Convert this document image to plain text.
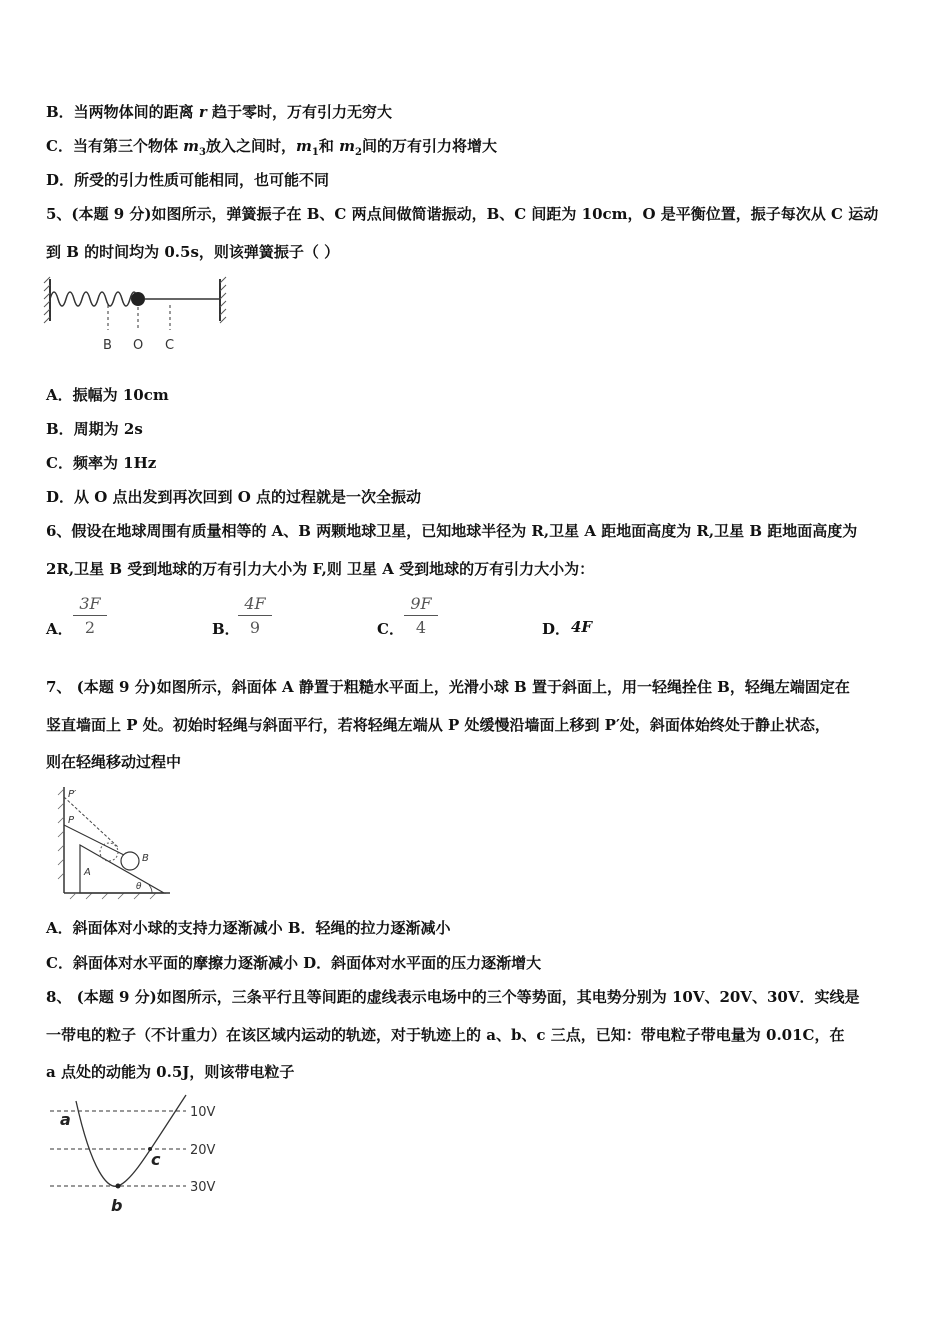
B．当两物体间的距离 r 趋于零时，万有引力无穷大
C．当有第三个物体 $m_3$放入之间时，$m_1$和 $m_2$间的万有引力将增大
D．所受的引力性质可能相同，也可能不同
5、(本题 9 分)如图所示，弹簧振子在 B、C 两点间做简谐振动，B、C 间距为 10cm，O 是平衡位置，振子每次从 C 运动
到 B 的时间均为 0.5s，则该弹簧振子（ ）
B O C
A．振幅为 10cm
B．周期为 2s
C．频率为 1Hz
D．从 O 点出发到再次回到 O 点的过程就是一次全振动
6、假设在地球周围有质量相等的 A、B 两颗地球卫星，已知地球半径为 R,卫星 A 距地面高度为 R,卫星 B 距地面高度为
2R,卫星 B 受到地球的万有引力大小为 F,则 卫星 A 受到地球的万有引力大小为：
A． $\frac{3F}{2}$	B．
$\frac{4F}{9}$	C． $\frac{9F}{4}$	D． 4F
7、 (本题 9 分)如图所示，斜面体 A 静置于粗糙水平面上，光滑小球 B 置于斜面上，用一轻绳拴住 B，轻绳左端固定在
竖直墙面上 P 处。初始时轻绳与斜面平行，若将轻绳左端从 P 处缓慢沿墙面上移到 P′处，斜面体始终处于静止状态，
则在轻绳移动过程中
P′
P
B
A
θ
A．斜面体对小球的支持力逐渐减小 B．轻绳的拉力逐渐减小
C．斜面体对水平面的摩擦力逐渐减小 D．斜面体对水平面的压力逐渐增大
8、 (本题 9 分)如图所示，三条平行且等间距的虚线表示电场中的三个等势面，其电势分别为 10V、20V、30V．实线是
一带电的粒子（不计重力）在该区域内运动的轨迹，对于轨迹上的 a、b、c 三点，已知：带电粒子带电量为 0.01C，在
a 点处的动能为 0.5J，则该带电粒子
a
b
c
10V
20V
30V
